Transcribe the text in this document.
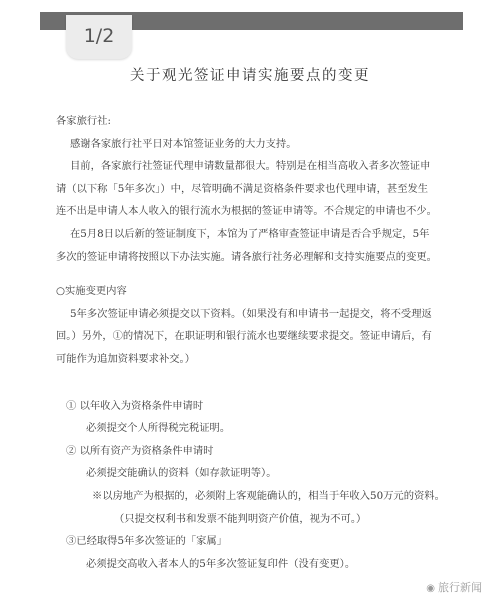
1/2
关于观光签证申请实施要点的变更

各家旅行社:

感谢各家旅行社平日对本馆签证业务的大力支持。

目前，各家旅行社签证代理申请数量都很大。特别是在相当高收入者多次签证申

请（以下称「5年多次」）中，尽管明确不满足资格条件要求也代理申请，甚至发生

连不出是申请人本人收入的银行流水为根据的签证申请等。不合规定的申请也不少。

在5月8日以后新的签证制度下，本馆为了严格审查签证申请是否合乎规定，5年

多次的签证申请将按照以下办法实施。请各旅行社务必理解和支持实施要点的变更。

○实施变更内容

5年多次签证申请必须提交以下资料。（如果没有和申请书一起提交，将不受理返

回。）另外，①的情况下，在职证明和银行流水也要继续要求提交。签证申请后，有

可能作为追加资料要求补交。）

① 以年收入为资格条件申请时

必须提交个人所得税完税证明。

② 以所有资产为资格条件申请时

必须提交能确认的资料（如存款证明等）。

※以房地产为根据的，必须附上客观能确认的，相当于年收入50万元的资料。

（只提交权利书和发票不能判明资产价值，视为不可。）

③已经取得5年多次签证的「家属」

必须提交高收入者本人的5年多次签证复印件（没有变更）。

◉ 旅行新闻
